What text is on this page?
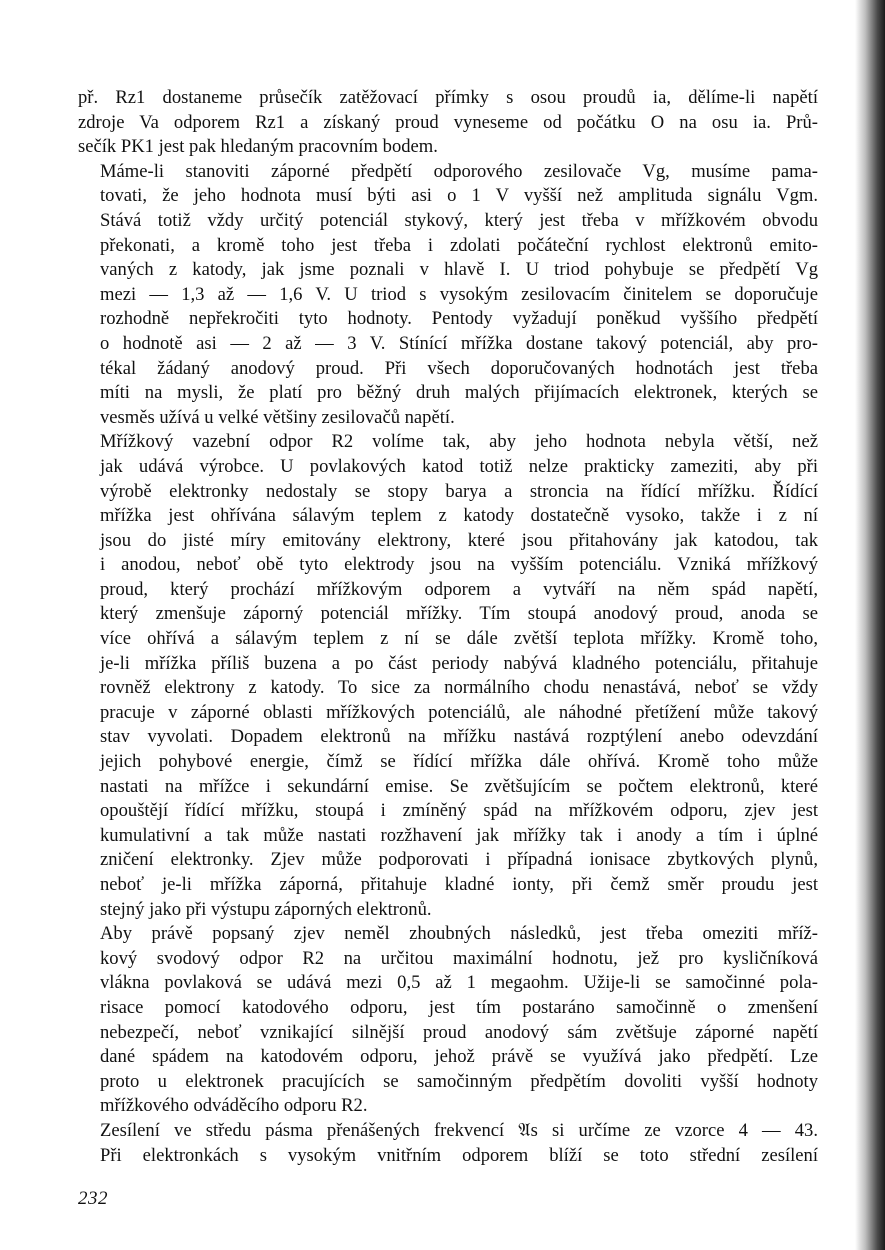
př. Rz1 dostaneme průsečík zatěžovací přímky s osou proudů ia, dělíme-li napětí
zdroje Va odporem Rz1 a získaný proud vyneseme od počátku O na osu ia. Prů-
sečík PK1 jest pak hledaným pracovním bodem.

Máme-li stanoviti záporné předpětí odporového zesilovače Vg, musíme pama-
tovati, že jeho hodnota musí býti asi o 1 V vyšší než amplituda signálu Vgm.
Stává totiž vždy určitý potenciál stykový, který jest třeba v mřížkovém obvodu
překonati, a kromě toho jest třeba i zdolati počáteční rychlost elektronů emito-
vaných z katody, jak jsme poznali v hlavě I. U triod pohybuje se předpětí Vg
mezi — 1,3 až — 1,6 V. U triod s vysokým zesilovacím činitelem se doporučuje
rozhodně nepřekročiti tyto hodnoty. Pentody vyžadují poněkud vyššího předpětí
o hodnotě asi — 2 až — 3 V. Stínící mřížka dostane takový potenciál, aby pro-
tékal žádaný anodový proud. Při všech doporučovaných hodnotách jest třeba
míti na mysli, že platí pro běžný druh malých přijímacích elektronek, kterých se
vesměs užívá u velké většiny zesilovačů napětí.

Mřížkový vazební odpor R2 volíme tak, aby jeho hodnota nebyla větší, než
jak udává výrobce. U povlakových katod totiž nelze prakticky zameziti, aby při
výrobě elektronky nedostaly se stopy barya a stroncia na řídící mřížku. Řídící
mřížka jest ohřívána sálavým teplem z katody dostatečně vysoko, takže i z ní
jsou do jisté míry emitovány elektrony, které jsou přitahovány jak katodou, tak
i anodou, neboť obě tyto elektrody jsou na vyšším potenciálu. Vzniká mřížkový
proud, který prochází mřížkovým odporem a vytváří na něm spád napětí,
který zmenšuje záporný potenciál mřížky. Tím stoupá anodový proud, anoda se
více ohřívá a sálavým teplem z ní se dále zvětší teplota mřížky. Kromě toho,
je-li mřížka příliš buzena a po část periody nabývá kladného potenciálu, přitahuje
rovněž elektrony z katody. To sice za normálního chodu nenastává, neboť se vždy
pracuje v záporné oblasti mřížkových potenciálů, ale náhodné přetížení může takový
stav vyvolati. Dopadem elektronů na mřížku nastává rozptýlení anebo odevzdání
jejich pohybové energie, čímž se řídící mřížka dále ohřívá. Kromě toho může
nastati na mřížce i sekundární emise. Se zvětšujícím se počtem elektronů, které
opouštějí řídící mřížku, stoupá i zmíněný spád na mřížkovém odporu, zjev jest
kumulativní a tak může nastati rozžhavení jak mřížky tak i anody a tím i úplné
zničení elektronky. Zjev může podporovati i případná ionisace zbytkových plynů,
neboť je-li mřížka záporná, přitahuje kladné ionty, při čemž směr proudu jest
stejný jako při výstupu záporných elektronů.

Aby právě popsaný zjev neměl zhoubných následků, jest třeba omeziti mříž-
kový svodový odpor R2 na určitou maximální hodnotu, jež pro kysličníková
vlákna povlaková se udává mezi 0,5 až 1 megaohm. Užije-li se samočinné pola-
risace pomocí katodového odporu, jest tím postaráno samočinně o zmenšení
nebezpečí, neboť vznikající silnější proud anodový sám zvětšuje záporné napětí
dané spádem na katodovém odporu, jehož právě se využívá jako předpětí. Lze
proto u elektronek pracujících se samočinným předpětím dovoliti vyšší hodnoty
mřížkového odváděcího odporu R2.

Zesílení ve středu pásma přenášených frekvencí 𝔄s si určíme ze vzorce 4 — 43.
Při elektronkách s vysokým vnitřním odporem blíží se toto střední zesílení

232
